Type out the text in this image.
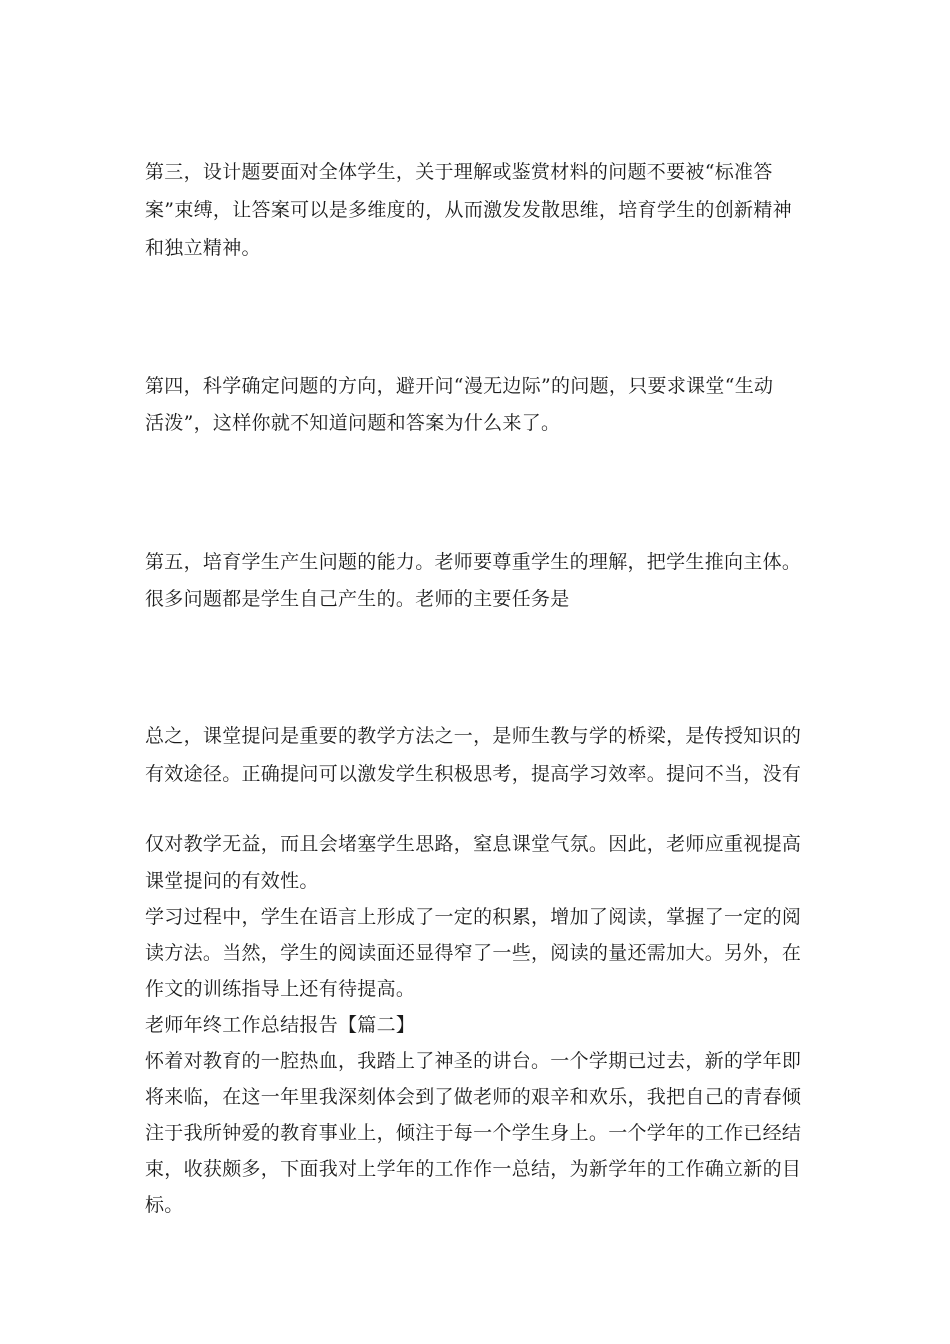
第三，设计题要面对全体学生，关于理解或鉴赏材料的问题不要被“标准答
案”束缚，让答案可以是多维度的，从而激发发散思维，培育学生的创新精神
和独立精神。
第四，科学确定问题的方向，避开问“漫无边际”的问题，只要求课堂“生动
活泼”，这样你就不知道问题和答案为什么来了。
第五，培育学生产生问题的能力。老师要尊重学生的理解，把学生推向主体。
很多问题都是学生自己产生的。老师的主要任务是
总之，课堂提问是重要的教学方法之一，是师生教与学的桥梁，是传授知识的
有效途径。正确提问可以激发学生积极思考，提高学习效率。提问不当，没有
仅对教学无益，而且会堵塞学生思路，窒息课堂气氛。因此，老师应重视提高
课堂提问的有效性。
学习过程中，学生在语言上形成了一定的积累，增加了阅读，掌握了一定的阅
读方法。当然，学生的阅读面还显得窄了一些，阅读的量还需加大。另外，在
作文的训练指导上还有待提高。
老师年终工作总结报告【篇二】
怀着对教育的一腔热血，我踏上了神圣的讲台。一个学期已过去，新的学年即
将来临，在这一年里我深刻体会到了做老师的艰辛和欢乐，我把自己的青春倾
注于我所钟爱的教育事业上，倾注于每一个学生身上。一个学年的工作已经结
束，收获颇多，下面我对上学年的工作作一总结，为新学年的工作确立新的目
标。
